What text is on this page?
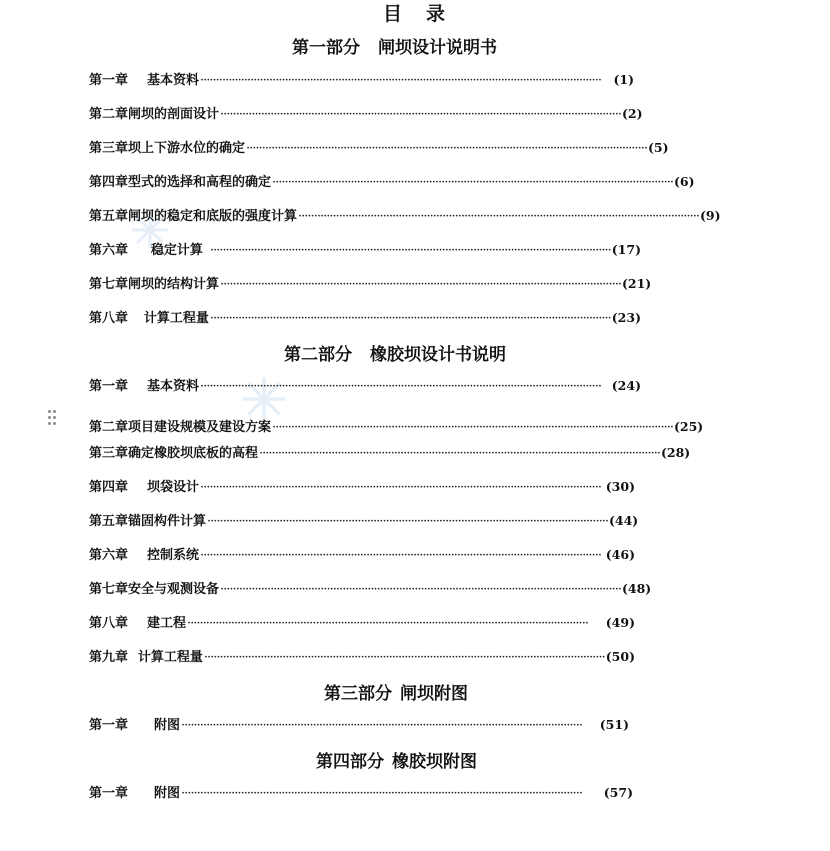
目 录
第一部分 闸坝设计说明书
第一章	基本资料 ································································································································	(1)
第二章 闸坝的剖面设计 ································································································································ (2)
第三章 坝上下游水位的确定 ································································································································ (5)
第四章 型式的选择和高程的确定 ································································································································ (6)
第五章 闸坝的稳定和底版的强度计算 ································································································································ (9)
第六章	稳定计算 ································································································································ (17)
第七章 闸坝的结构计算 ································································································································ (21)
第八章 计算工程量 ································································································································ (23)
第二部分 橡胶坝设计书说明
第一章	基本资料 ································································································································ (24)
第二章 项目建设规模及建设方案 ································································································································ (25)
第三章 确定橡胶坝底板的高程 ································································································································ (28)
第四章	坝袋设计 ································································································································ (30)
第五章 锚固构件计算 ································································································································ (44)
第六章	控制系统 ································································································································ (46)
第七章 安全与观测设备 ································································································································ (48)
第八章	建工程 ································································································································	(49)
第九章 计算工程量 ································································································································ (50)
第三部分 闸坝附图
第一章	附图 ································································································································	(51)
第四部分 橡胶坝附图
第一章	附图 ································································································································	(57)
